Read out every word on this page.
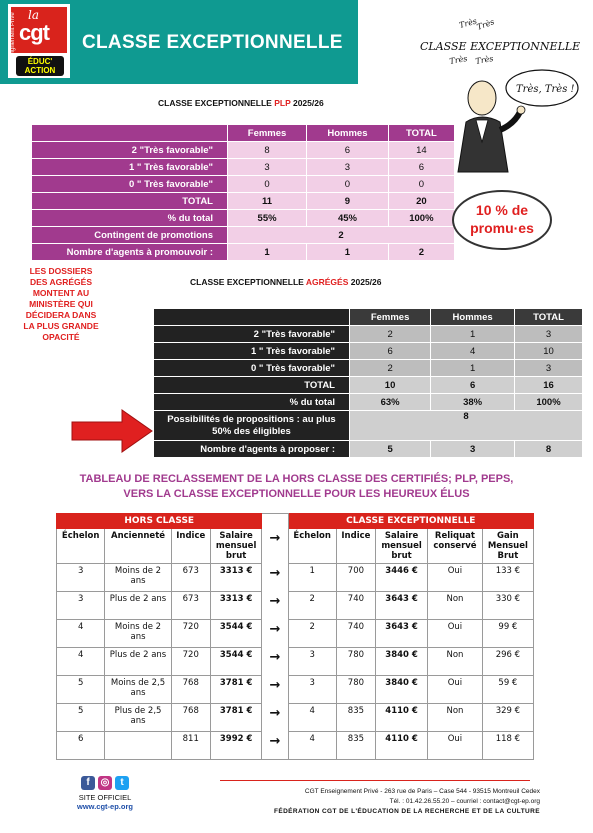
la
cgt
Enseignement Privé	ÉDUC' ACTION
CLASSE EXCEPTIONNELLE	CLASSE EXCEPTIONNELLE
Très
Très
Très Très
Très, Très !
CLASSE EXCEPTIONNELLE PLP 2025/26
	Femmes	Hommes	TOTAL
2 "Très favorable"	8	6	14
1 " Très favorable"	3	3	6
0 " Très favorable"	0	0	0
TOTAL	11	9	20
% du total	55%	45%	100%
Contingent de promotions	2		
Nombre d'agents à promouvoir :	1	1	2
10 % de
promu·es
LES DOSSIERS DES AGRÉGÉS MONTENT AU MINISTÈRE QUI DÉCIDERA DANS LA PLUS GRANDE OPACITÉ
CLASSE EXCEPTIONNELLE AGRÉGÉS 2025/26
	Femmes	Hommes	TOTAL
2 "Très favorable"	2	1	3
1 " Très favorable"	6	4	10
0 " Très favorable"	2	1	3
TOTAL	10	6	16
% du total	63%	38%	100%
Possibilités de propositions : au plus 50% des éligibles	8		
Nombre d'agents à proposer :	5	3	8
TABLEAU DE RECLASSEMENT DE LA HORS CLASSE DES CERTIFIÉS; PLP, PEPS,
VERS LA CLASSE EXCEPTIONNELLE POUR LES HEUREUX ÉLUS
HORS CLASSE					CLASSE EXCEPTIONNELLE				
Échelon	Ancienneté	Indice	Salaire mensuel brut	→	Échelon	Indice	Salaire mensuel brut	Reliquat conservé	Gain Mensuel Brut
3	Moins de 2 ans	673	3313 €	→	1	700	3446 €	Oui	133 €
3	Plus de 2 ans	673	3313 €	→	2	740	3643 €	Non	330 €
4	Moins de 2 ans	720	3544 €	→	2	740	3643 €	Oui	99 €
4	Plus de 2 ans	720	3544 €	→	3	780	3840 €	Non	296 €
5	Moins de 2,5 ans	768	3781 €	→	3	780	3840 €	Oui	59 €
5	Plus de 2,5 ans	768	3781 €	→	4	835	4110 €	Non	329 €
6		811	3992 €	→	4	835	4110 €	Oui	118 €
f	◎	t
SITE OFFICIEL
www.cgt-ep.org
CGT Enseignement Privé - 263 rue de Paris – Case 544 - 93515 Montreuil Cedex
Tél. : 01.42.26.55.20 – courriel : contact@cgt-ep.org
FÉDÉRATION CGT DE L'ÉDUCATION DE LA RECHERCHE ET DE LA CULTURE
